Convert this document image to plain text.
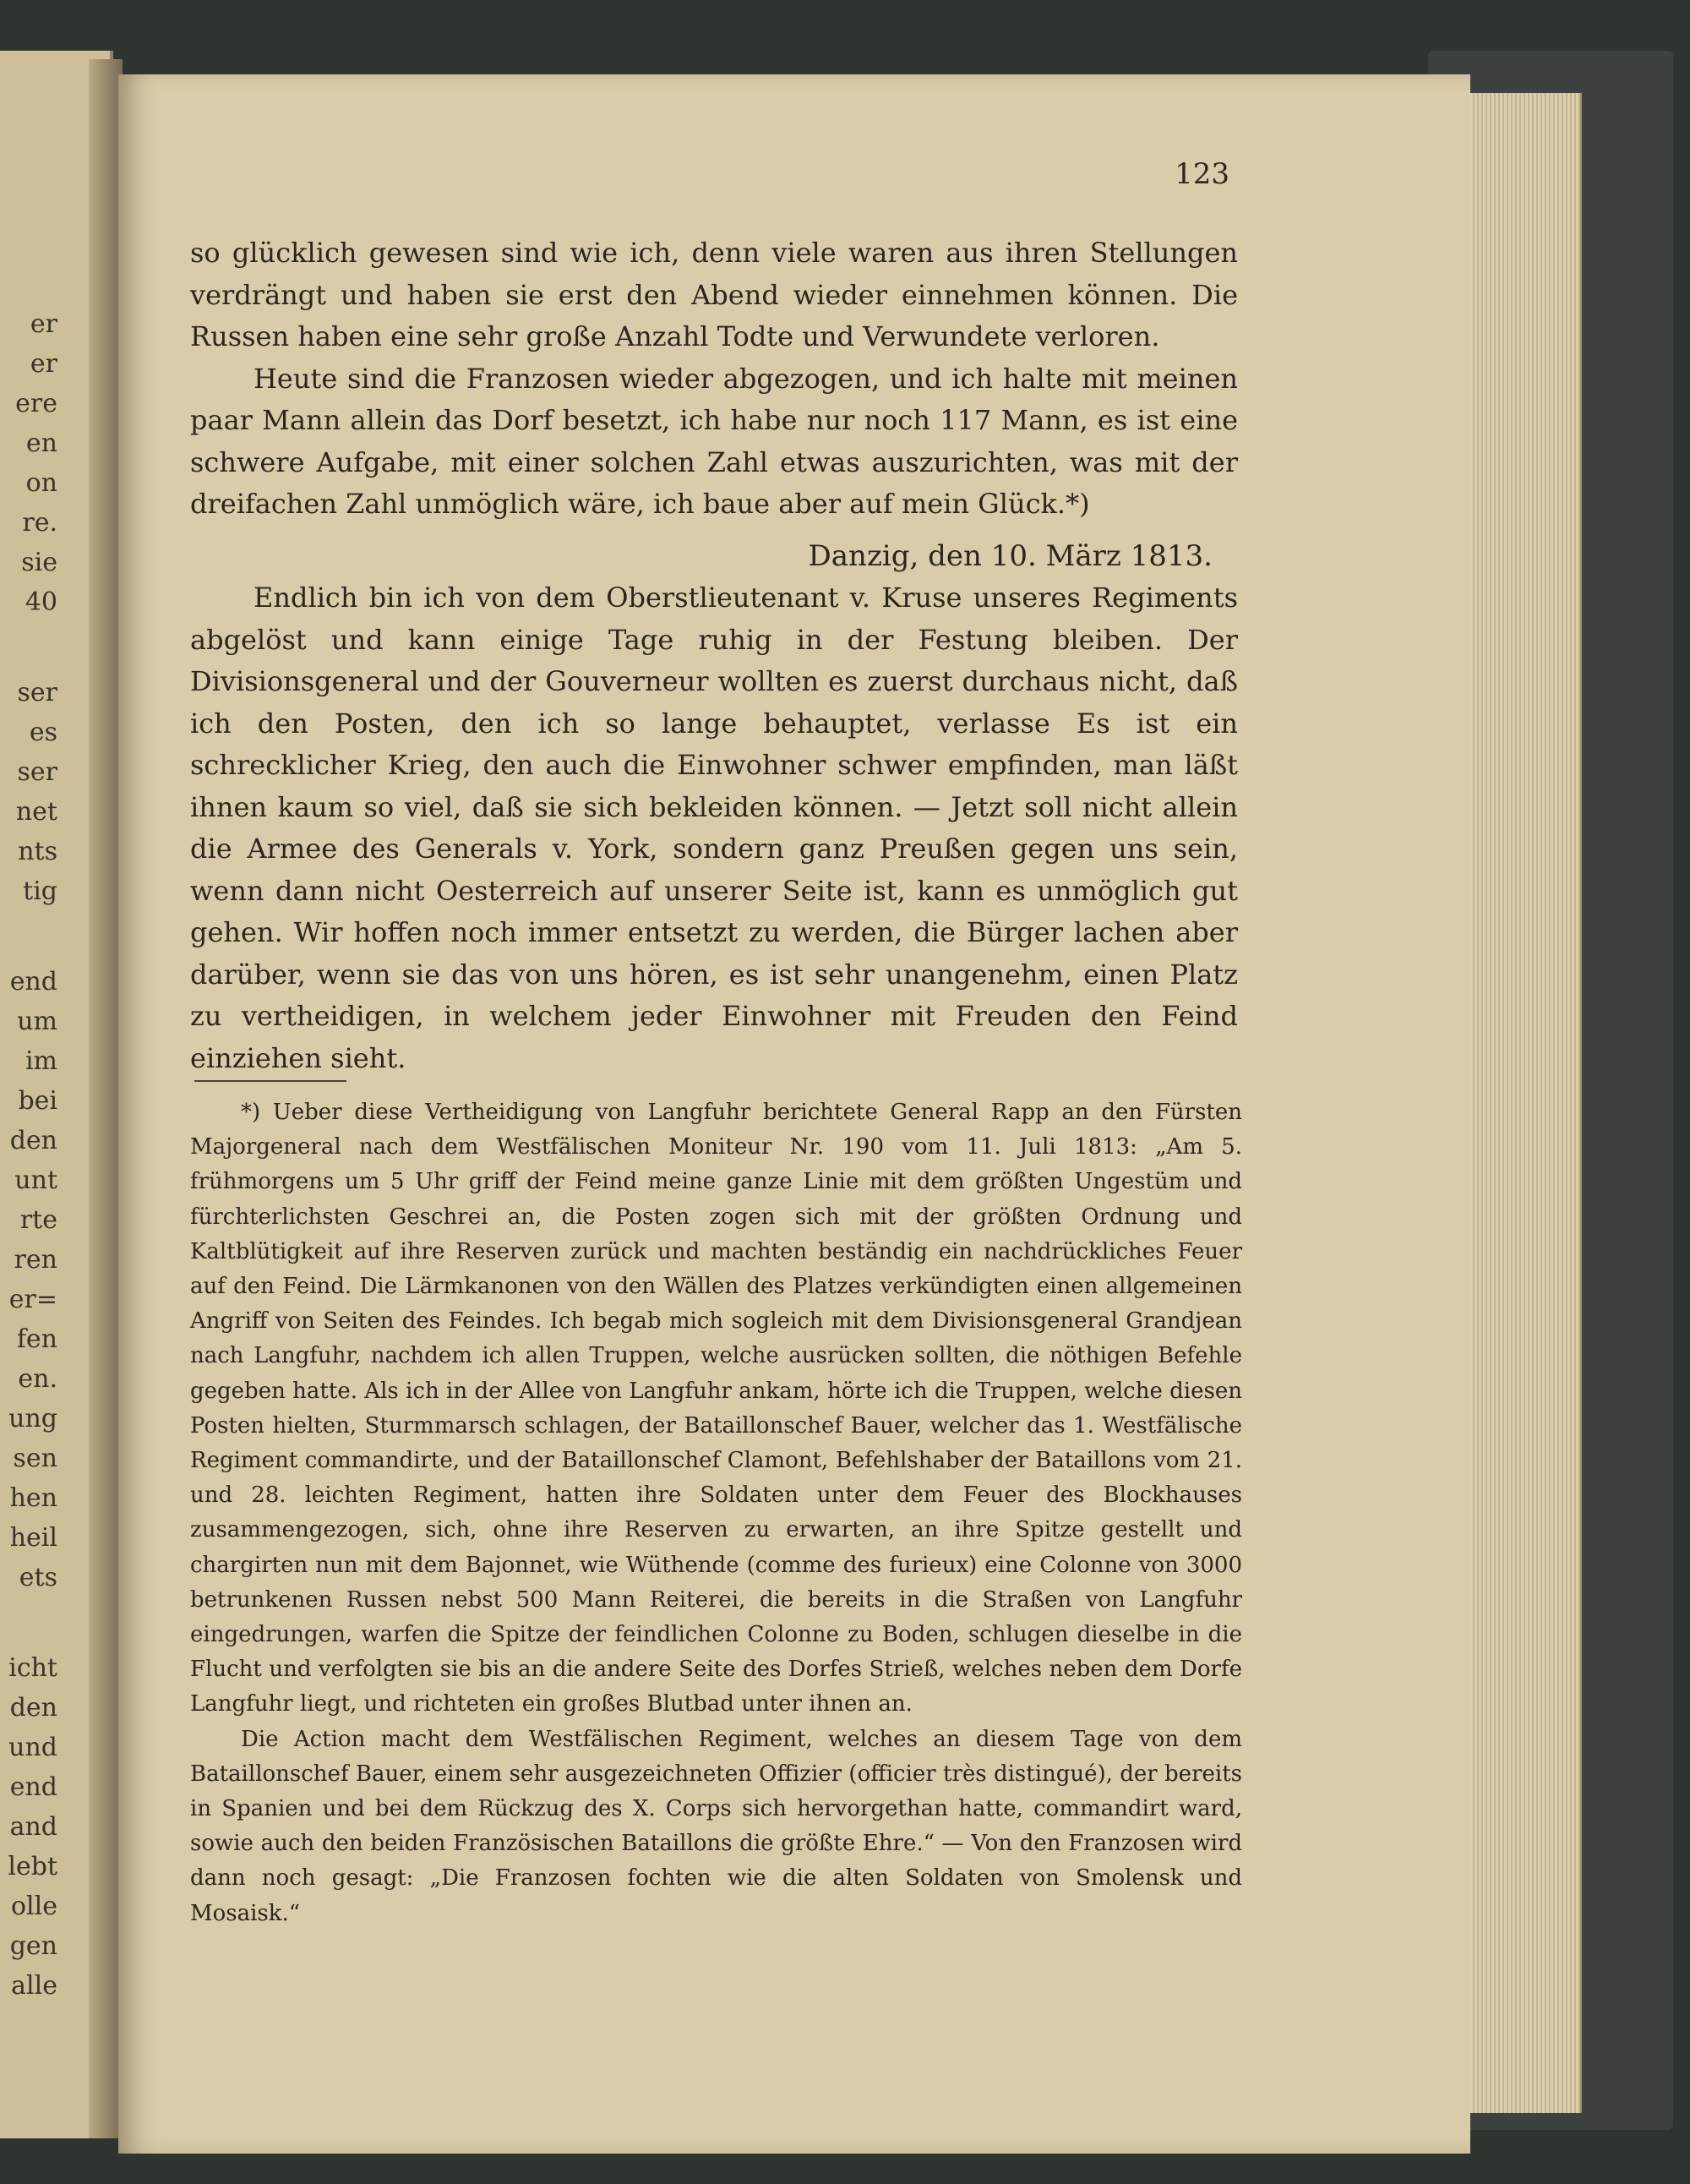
er
er
ere
en
on
re.
sie
40
ser
es
ser
net
nts
tig
end
um
im
bei
den
unt
rte
ren
er=
fen
en.
ung
sen
hen
heil
ets
icht
den
und
end
and
lebt
olle
gen
alle
123

so glücklich gewesen sind wie ich, denn viele waren aus ihren Stellungen verdrängt und haben sie erst den Abend wieder einnehmen können. Die Russen haben eine sehr große Anzahl Todte und Verwundete verloren.

Heute sind die Franzosen wieder abgezogen, und ich halte mit meinen paar Mann allein das Dorf besetzt, ich habe nur noch 117 Mann, es ist eine schwere Aufgabe, mit einer solchen Zahl etwas auszurichten, was mit der dreifachen Zahl unmöglich wäre, ich baue aber auf mein Glück.*)

Danzig, den 10. März 1813.

Endlich bin ich von dem Oberstlieutenant v. Kruse unseres Regiments abgelöst und kann einige Tage ruhig in der Festung bleiben. Der Divisionsgeneral und der Gouverneur wollten es zuerst durchaus nicht, daß ich den Posten, den ich so lange behauptet, verlasse Es ist ein schrecklicher Krieg, den auch die Einwohner schwer empfinden, man läßt ihnen kaum so viel, daß sie sich bekleiden können. — Jetzt soll nicht allein die Armee des Generals v. York, sondern ganz Preußen gegen uns sein, wenn dann nicht Oesterreich auf unserer Seite ist, kann es unmöglich gut gehen. Wir hoffen noch immer entsetzt zu werden, die Bürger lachen aber darüber, wenn sie das von uns hören, es ist sehr unangenehm, einen Platz zu vertheidigen, in welchem jeder Einwohner mit Freuden den Feind einziehen sieht.

*) Ueber diese Vertheidigung von Langfuhr berichtete General Rapp an den Fürsten Majorgeneral nach dem Westfälischen Moniteur Nr. 190 vom 11. Juli 1813: „Am 5. frühmorgens um 5 Uhr griff der Feind meine ganze Linie mit dem größten Ungestüm und fürchterlichsten Geschrei an, die Posten zogen sich mit der größten Ordnung und Kaltblütigkeit auf ihre Reserven zurück und machten beständig ein nachdrückliches Feuer auf den Feind. Die Lärmkanonen von den Wällen des Platzes verkündigten einen allgemeinen Angriff von Seiten des Feindes. Ich begab mich sogleich mit dem Divisionsgeneral Grandjean nach Langfuhr, nachdem ich allen Truppen, welche ausrücken sollten, die nöthigen Befehle gegeben hatte. Als ich in der Allee von Langfuhr ankam, hörte ich die Truppen, welche diesen Posten hielten, Sturmmarsch schlagen, der Bataillonschef Bauer, welcher das 1. Westfälische Regiment commandirte, und der Bataillonschef Clamont, Befehlshaber der Bataillons vom 21. und 28. leichten Regiment, hatten ihre Soldaten unter dem Feuer des Blockhauses zusammengezogen, sich, ohne ihre Reserven zu erwarten, an ihre Spitze gestellt und chargirten nun mit dem Bajonnet, wie Wüthende (comme des furieux) eine Colonne von 3000 betrunkenen Russen nebst 500 Mann Reiterei, die bereits in die Straßen von Langfuhr eingedrungen, warfen die Spitze der feindlichen Colonne zu Boden, schlugen dieselbe in die Flucht und verfolgten sie bis an die andere Seite des Dorfes Strieß, welches neben dem Dorfe Langfuhr liegt, und richteten ein großes Blutbad unter ihnen an.

Die Action macht dem Westfälischen Regiment, welches an diesem Tage von dem Bataillonschef Bauer, einem sehr ausgezeichneten Offizier (officier très distingué), der bereits in Spanien und bei dem Rückzug des X. Corps sich hervorgethan hatte, commandirt ward, sowie auch den beiden Französischen Bataillons die größte Ehre.“ — Von den Franzosen wird dann noch gesagt: „Die Franzosen fochten wie die alten Soldaten von Smolensk und Mosaisk.“
